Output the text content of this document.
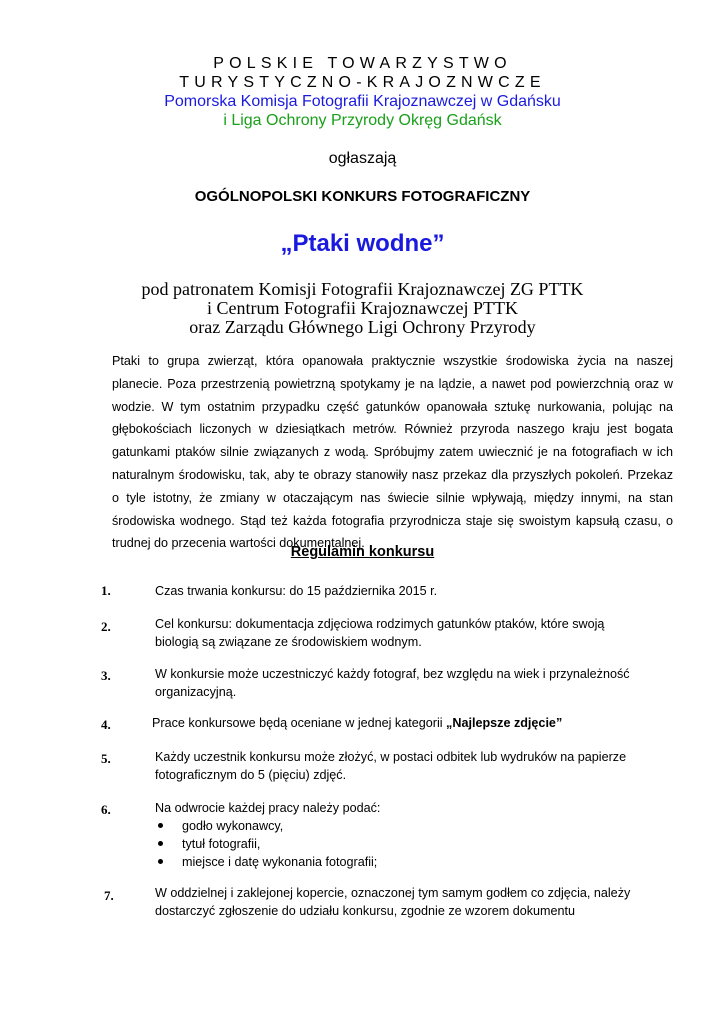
POLSKIE TOWARZYSTWO
TURYSTYCZNO-KRAJOZNWCZE
Pomorska Komisja Fotografii Krajoznawczej w Gdańsku
i Liga Ochrony Przyrody Okręg Gdańsk
ogłaszają
OGÓLNOPOLSKI KONKURS FOTOGRAFICZNY
„Ptaki wodne”
pod patronatem Komisji Fotografii Krajoznawczej ZG PTTK
i Centrum Fotografii Krajoznawczej PTTK
oraz Zarządu Głównego Ligi Ochrony Przyrody

Ptaki to grupa zwierząt, która opanowała praktycznie wszystkie środowiska życia na naszej planecie. Poza przestrzenią powietrzną spotykamy je na lądzie, a nawet pod powierzchnią oraz w wodzie. W tym ostatnim przypadku część gatunków opanowała sztukę nurkowania, polując na głębokościach liczonych w dziesiątkach metrów. Również przyroda naszego kraju jest bogata gatunkami ptaków silnie związanych z wodą. Spróbujmy zatem uwiecznić je na fotografiach w ich naturalnym środowisku, tak, aby te obrazy stanowiły nasz przekaz dla przyszłych pokoleń. Przekaz o tyle istotny, że zmiany w otaczającym nas świecie silnie wpływają, między innymi, na stan środowiska wodnego. Stąd też każda fotografia przyrodnicza staje się swoistym kapsułą czasu, o trudnej do przecenia wartości dokumentalnej.

Regulamin konkursu
1.	Czas trwania konkursu: do 15 października 2015 r.
2.	Cel konkursu: dokumentacja zdjęciowa rodzimych gatunków ptaków, które swoją
biologią są związane ze środowiskiem wodnym.
3.	W konkursie może uczestniczyć każdy fotograf, bez względu na wiek i przynależność
organizacyjną.
4.	Prace konkursowe będą oceniane w jednej kategorii „Najlepsze zdjęcie”
5.	Każdy uczestnik konkursu może złożyć, w postaci odbitek lub wydruków na papierze
fotograficznym do 5 (pięciu) zdjęć.
6.	Na odwrocie każdej pracy należy podać:
godło wykonawcy,
tytuł fotografii,
miejsce i datę wykonania fotografii;
7.	W oddzielnej i zaklejonej kopercie, oznaczonej tym samym godłem co zdjęcia, należy
dostarczyć zgłoszenie do udziału konkursu, zgodnie ze wzorem dokumentu
